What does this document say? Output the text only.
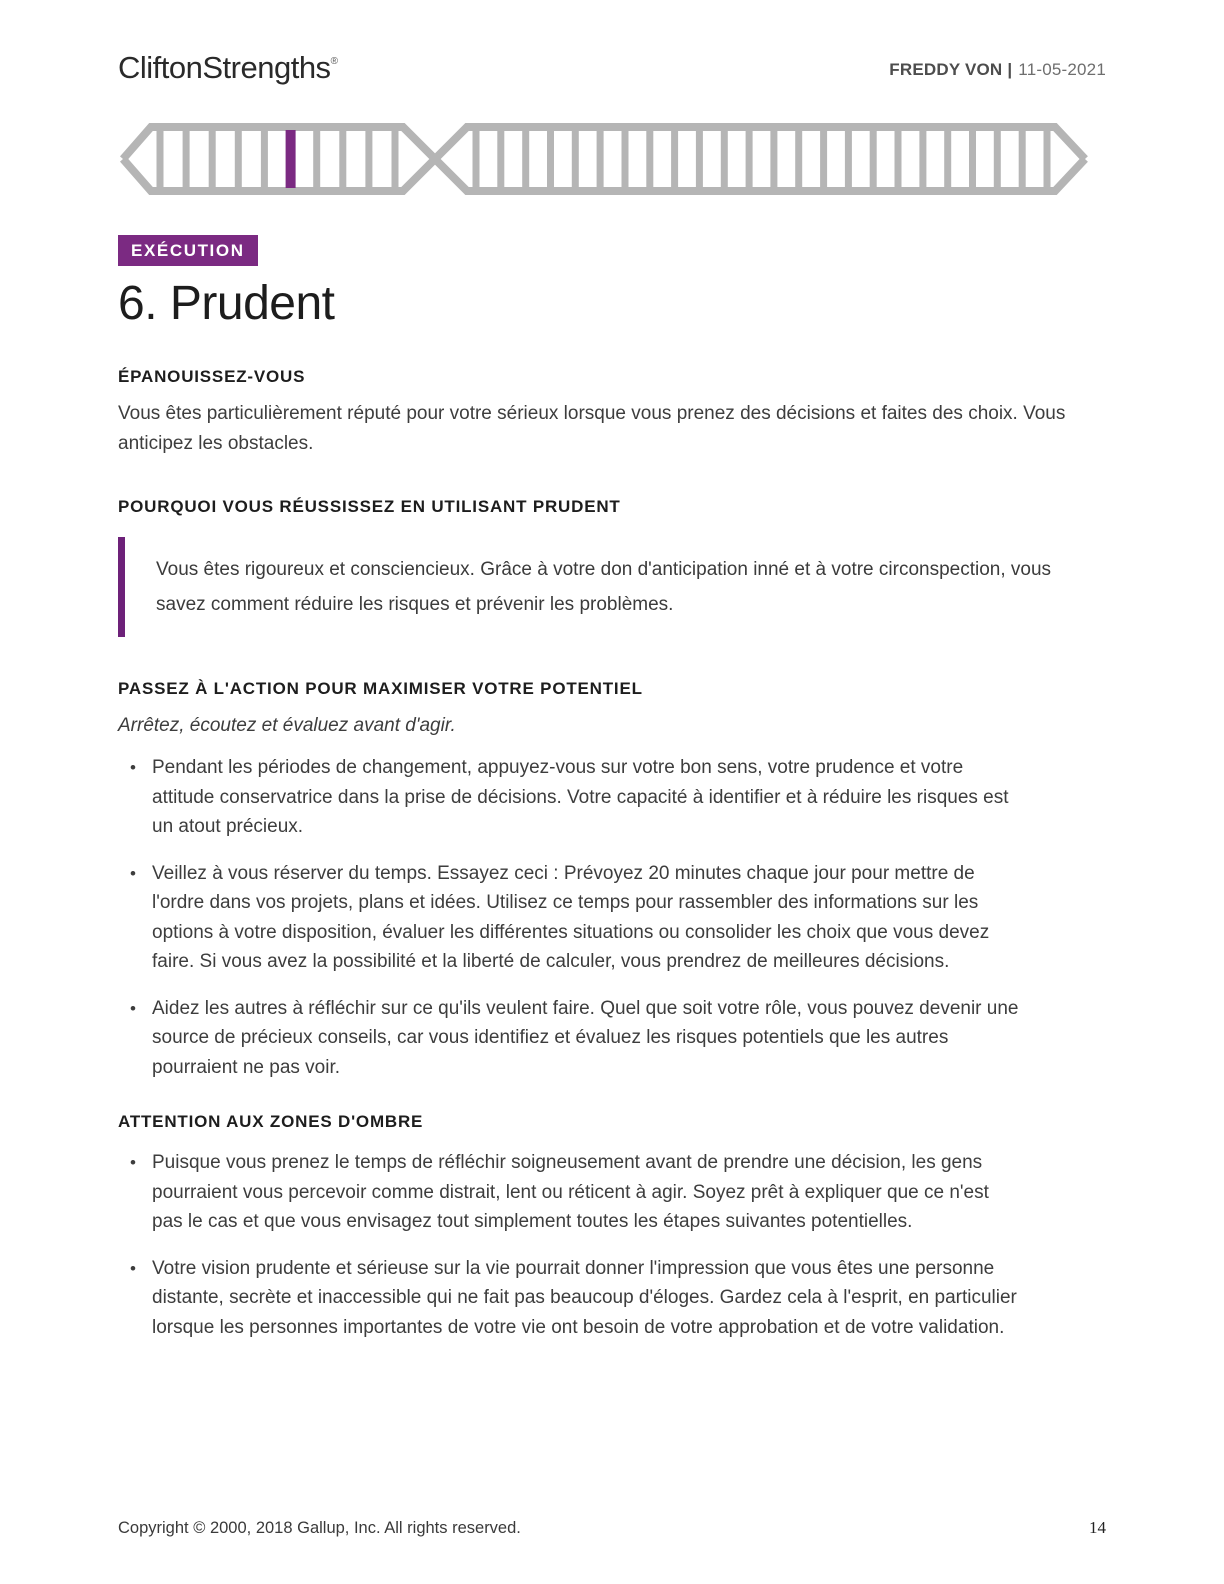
CliftonStrengths®	FREDDY VON | 11-05-2021
EXÉCUTION
6. Prudent
ÉPANOUISSEZ-VOUS

Vous êtes particulièrement réputé pour votre sérieux lorsque vous prenez des décisions et faites des choix. Vous anticipez les obstacles.

POURQUOI VOUS RÉUSSISSEZ EN UTILISANT PRUDENT

Vous êtes rigoureux et consciencieux. Grâce à votre don d'anticipation inné et à votre circonspection, vous savez comment réduire les risques et prévenir les problèmes.

PASSEZ À L'ACTION POUR MAXIMISER VOTRE POTENTIEL

Arrêtez, écoutez et évaluez avant d'agir.

• Pendant les périodes de changement, appuyez-vous sur votre bon sens, votre prudence et votre attitude conservatrice dans la prise de décisions. Votre capacité à identifier et à réduire les risques est un atout précieux.
• Veillez à vous réserver du temps. Essayez ceci : Prévoyez 20 minutes chaque jour pour mettre de l'ordre dans vos projets, plans et idées. Utilisez ce temps pour rassembler des informations sur les options à votre disposition, évaluer les différentes situations ou consolider les choix que vous devez faire. Si vous avez la possibilité et la liberté de calculer, vous prendrez de meilleures décisions.
• Aidez les autres à réfléchir sur ce qu'ils veulent faire. Quel que soit votre rôle, vous pouvez devenir une source de précieux conseils, car vous identifiez et évaluez les risques potentiels que les autres pourraient ne pas voir.
ATTENTION AUX ZONES D'OMBRE
• Puisque vous prenez le temps de réfléchir soigneusement avant de prendre une décision, les gens pourraient vous percevoir comme distrait, lent ou réticent à agir. Soyez prêt à expliquer que ce n'est pas le cas et que vous envisagez tout simplement toutes les étapes suivantes potentielles.
• Votre vision prudente et sérieuse sur la vie pourrait donner l'impression que vous êtes une personne distante, secrète et inaccessible qui ne fait pas beaucoup d'éloges. Gardez cela à l'esprit, en particulier lorsque les personnes importantes de votre vie ont besoin de votre approbation et de votre validation.
Copyright © 2000, 2018 Gallup, Inc. All rights reserved.	14
